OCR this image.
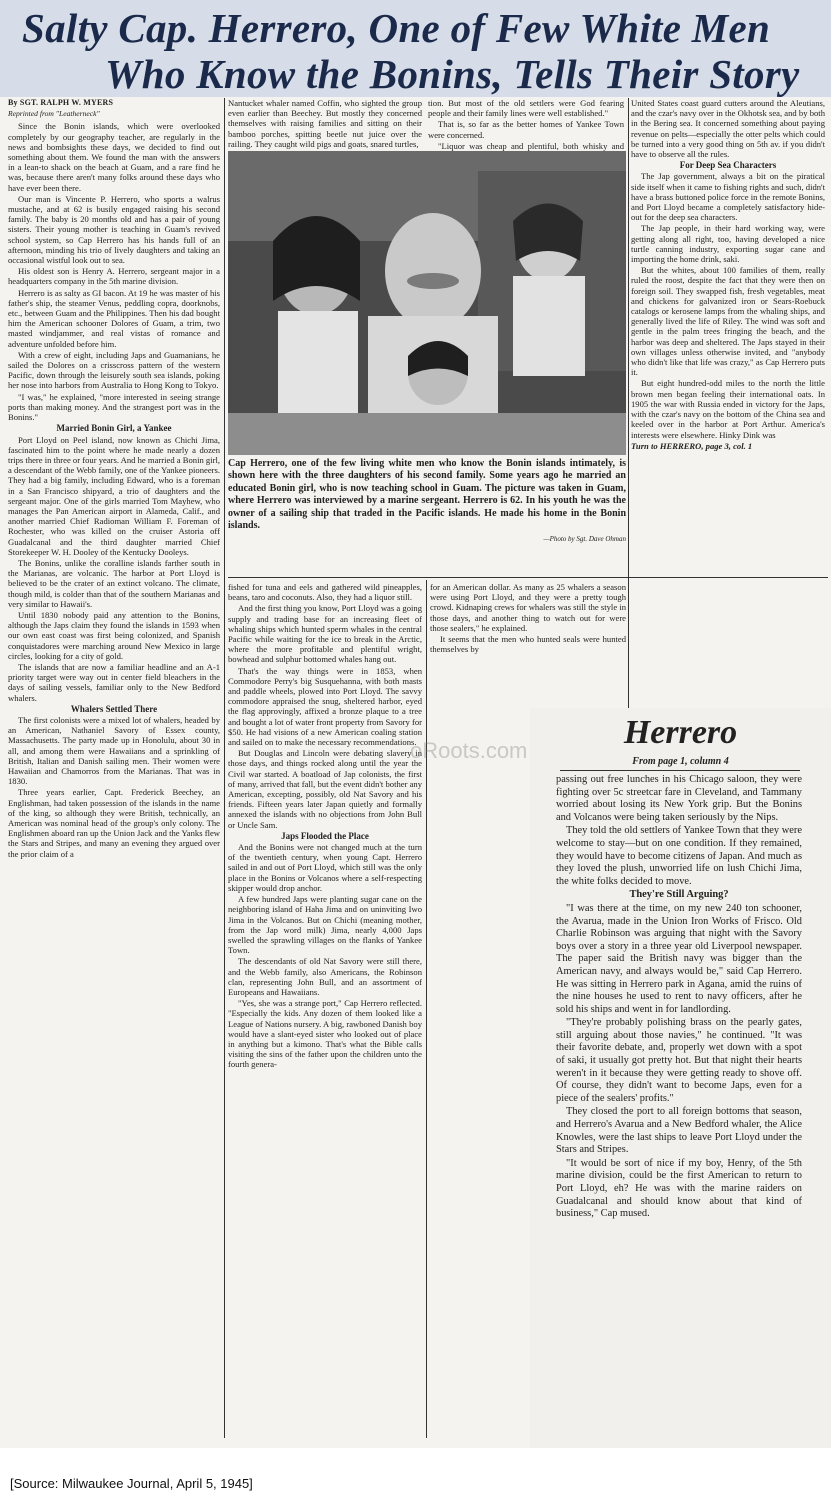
Salty Cap. Herrero, One of Few White Men
Who Know the Bonins, Tells Their Story
By SGT. RALPH W. MYERS
Reprinted from "Leatherneck"

Since the Bonin islands, which were overlooked completely by our geography teacher, are regularly in the news and bombsights these days, we decided to find out something about them. We found the man with the answers in a lean-to shack on the beach at Guam, and a rare find he was, because there aren't many folks around these days who have ever been there.

Our man is Vincente P. Herrero, who sports a walrus mustache, and at 62 is busily engaged raising his second family. The baby is 20 months old and has a pair of young sisters. Their young mother is teaching in Guam's revived school system, so Cap Herrero has his hands full of an afternoon, minding his trio of lively daughters and taking an occasional wistful look out to sea.

His oldest son is Henry A. Herrero, sergeant major in a headquarters company in the 5th marine division.

Herrero is as salty as GI bacon. At 19 he was master of his father's ship, the steamer Venus, peddling copra, doorknobs, etc., between Guam and the Philippines. Then his dad bought him the American schooner Dolores of Guam, a trim, two masted windjammer, and real vistas of romance and adventure unfolded before him.

With a crew of eight, including Japs and Guamanians, he sailed the Dolores on a crisscross pattern of the western Pacific, down through the leisurely south sea islands, poking her nose into harbors from Australia to Hong Kong to Tokyo.

"I was," he explained, "more interested in seeing strange ports than making money. And the strangest port was in the Bonins."

Married Bonin Girl, a Yankee

Port Lloyd on Peel island, now known as Chichi Jima, fascinated him to the point where he made nearly a dozen trips there in three or four years. And he married a Bonin girl, a descendant of the Webb family, one of the Yankee pioneers. They had a big family, including Edward, who is a foreman in a San Francisco shipyard, a trio of daughters and the sergeant major. One of the girls married Tom Mayhew, who manages the Pan American airport in Alameda, Calif., and another married Chief Radioman William F. Foreman of Rochester, who was killed on the cruiser Astoria off Guadalcanal and the third daughter married Chief Storekeeper W. H. Dooley of the Kentucky Dooleys.

The Bonins, unlike the coralline islands farther south in the Marianas, are volcanic. The harbor at Port Lloyd is believed to be the crater of an extinct volcano. The climate, though mild, is colder than that of the southern Marianas and very similar to Hawaii's.

Until 1830 nobody paid any attention to the Bonins, although the Japs claim they found the islands in 1593 when our own east coast was first being colonized, and Spanish conquistadores were marching around New Mexico in large circles, looking for a city of gold.

The islands that are now a familiar headline and an A-1 priority target were way out in center field bleachers in the days of sailing vessels, familiar only to the New Bedford whalers.

Whalers Settled There

The first colonists were a mixed lot of whalers, headed by an American, Nathaniel Savory of Essex county, Massachusetts. The party made up in Honolulu, about 30 in all, and among them were Hawaiians and a sprinkling of British, Italian and Danish sailing men. Their women were Hawaiian and Chamorros from the Marianas. That was in 1830.

Three years earlier, Capt. Frederick Beechey, an Englishman, had taken possession of the islands in the name of the king, so although they were British, technically, an American was nominal head of the group's only colony. The Englishmen aboard ran up the Union Jack and the Yanks flew the Stars and Stripes, and many an evening they argued over the prior claim of a

Nantucket whaler named Coffin, who sighted the group even earlier than Beechey. But mostly they concerned themselves with raising families and sitting on their bamboo porches, spitting beetle nut juice over the railing. They caught wild pigs and goats, snared turtles,

tion. But most of the old settlers were God fearing people and their family lines were well established."

That is, so far as the better homes of Yankee Town were concerned.

"Liquor was cheap and plentiful, both whisky and

Cap Herrero, one of the few living white men who know the Bonin islands intimately, is shown here with the three daughters of his second family. Some years ago he married an educated Bonin girl, who is now teaching school in Guam. The picture was taken in Guam, where Herrero was interviewed by a marine sergeant. Herrero is 62. In his youth he was the owner of a sailing ship that traded in the Pacific islands. He made his home in the Bonin islands.
—Photo by Sgt. Dave Ohman

United States coast guard cutters around the Aleutians, and the czar's navy over in the Okhotsk sea, and by both in the Bering sea. It concerned something about paying revenue on pelts—especially the otter pelts which could be turned into a very good thing on 5th av. if you didn't have to observe all the rules.

For Deep Sea Characters

The Jap government, always a bit on the piratical side itself when it came to fishing rights and such, didn't have a brass buttoned police force in the remote Bonins, and Port Lloyd became a completely satisfactory hide-out for the deep sea characters.

The Jap people, in their hard working way, were getting along all right, too, having developed a nice turtle canning industry, exporting sugar cane and importing the home drink, saki.

But the whites, about 100 families of them, really ruled the roost, despite the fact that they were then on foreign soil. They swapped fish, fresh vegetables, meat and chickens for galvanized iron or Sears-Roebuck catalogs or kerosene lamps from the whaling ships, and generally lived the life of Riley. The wind was soft and gentle in the palm trees fringing the beach, and the harbor was deep and sheltered. The Japs stayed in their own villages unless otherwise invited, and "anybody who didn't like that life was crazy," as Cap Herrero puts it.

But eight hundred-odd miles to the north the little brown men began feeling their international oats. In 1905 the war with Russia ended in victory for the Japs, with the czar's navy on the bottom of the China sea and keeled over in the harbor at Port Arthur. America's interests were elsewhere. Hinky Dink was

Turn to HERRERO, page 3, col. 1

fished for tuna and eels and gathered wild pineapples, beans, taro and coconuts. Also, they had a liquor still.

And the first thing you know, Port Lloyd was a going supply and trading base for an increasing fleet of whaling ships which hunted sperm whales in the central Pacific while waiting for the ice to break in the Arctic, where the more profitable and plentiful wright, bowhead and sulphur bottomed whales hang out.

That's the way things were in 1853, when Commodore Perry's big Susquehanna, with both masts and paddle wheels, plowed into Port Lloyd. The savvy commodore appraised the snug, sheltered harbor, eyed the flag approvingly, affixed a bronze plaque to a tree and bought a lot of water front property from Savory for $50. He had visions of a new American coaling station and sailed on to make the necessary recommendations.

But Douglas and Lincoln were debating slavery in those days, and things rocked along until the year the Civil war started. A boatload of Jap colonists, the first of many, arrived that fall, but the event didn't bother any American, excepting, possibly, old Nat Savory and his friends. Fifteen years later Japan quietly and formally annexed the islands with no objections from John Bull or Uncle Sam.

Japs Flooded the Place

And the Bonins were not changed much at the turn of the twentieth century, when young Capt. Herrero sailed in and out of Port Lloyd, which still was the only place in the Bonins or Volcanos where a self-respecting skipper would drop anchor.

A few hundred Japs were planting sugar cane on the neighboring island of Haha Jima and on uninviting Iwo Jima in the Volcanos. But on Chichi (meaning mother, from the Jap word milk) Jima, nearly 4,000 Japs swelled the sprawling villages on the flanks of Yankee Town.

The descendants of old Nat Savory were still there, and the Webb family, also Americans, the Robinson clan, representing John Bull, and an assortment of Europeans and Hawaiians.

"Yes, she was a strange port," Cap Herrero reflected. "Especially the kids. Any dozen of them looked like a League of Nations nursery. A big, rawboned Danish boy would have a slant-eyed sister who looked out of place in anything but a kimono. That's what the Bible calls visiting the sins of the father upon the children unto the fourth genera-

for an American dollar. As many as 25 whalers a season were using Port Lloyd, and they were a pretty tough crowd. Kidnaping crews for whalers was still the style in those days, and another thing to watch out for were those sealers," he explained.

It seems that the men who hunted seals were hunted themselves by

oRoots.com	Herrero
From page 1, column 4

passing out free lunches in his Chicago saloon, they were fighting over 5c streetcar fare in Cleveland, and Tammany worried about losing its New York grip. But the Bonins and Volcanos were being taken seriously by the Nips.

They told the old settlers of Yankee Town that they were welcome to stay—but on one condition. If they remained, they would have to become citizens of Japan. And much as they loved the plush, unworried life on lush Chichi Jima, the white folks decided to move.

They're Still Arguing?

"I was there at the time, on my new 240 ton schooner, the Avarua, made in the Union Iron Works of Frisco. Old Charlie Robinson was arguing that night with the Savory boys over a story in a three year old Liverpool newspaper. The paper said the British navy was bigger than the American navy, and always would be," said Cap Herrero. He was sitting in Herrero park in Agana, amid the ruins of the nine houses he used to rent to navy officers, after he sold his ships and went in for landlording.

"They're probably polishing brass on the pearly gates, still arguing about those navies," he continued. "It was their favorite debate, and, properly wet down with a spot of saki, it usually got pretty hot. But that night their hearts weren't in it because they were getting ready to shove off. Of course, they didn't want to become Japs, even for a piece of the sealers' profits."

They closed the port to all foreign bottoms that season, and Herrero's Avarua and a New Bedford whaler, the Alice Knowles, were the last ships to leave Port Lloyd under the Stars and Stripes.

"It would be sort of nice if my boy, Henry, of the 5th marine division, could be the first American to return to Port Lloyd, eh? He was with the marine raiders on Guadalcanal and should know about that kind of business," Cap mused.

[Source: Milwaukee Journal, April 5, 1945]
